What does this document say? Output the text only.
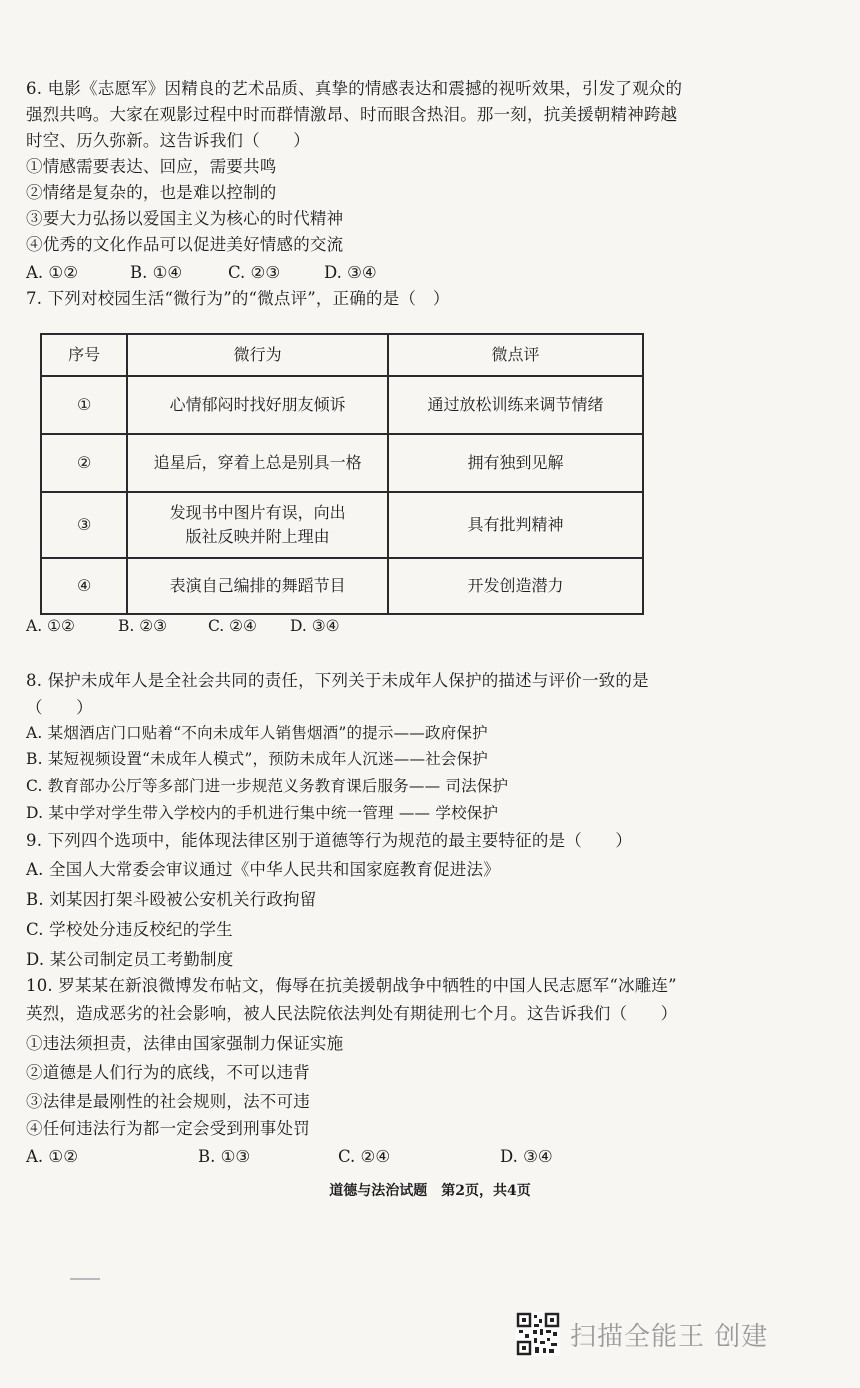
6. 电影《志愿军》因精良的艺术品质、真挚的情感表达和震撼的视听效果，引发了观众的
强烈共鸣。大家在观影过程中时而群情激昂、时而眼含热泪。那一刻，抗美援朝精神跨越
时空、历久弥新。这告诉我们（　　）
①情感需要表达、回应，需要共鸣
②情绪是复杂的，也是难以控制的
③要大力弘扬以爱国主义为核心的时代精神
④优秀的文化作品可以促进美好情感的交流
A. ①②	B. ①④	C. ②③	D. ③④
7. 下列对校园生活“微行为”的“微点评”，正确的是（　）
序号	微行为	微点评
①	心情郁闷时找好朋友倾诉	通过放松训练来调节情绪
②	追星后，穿着上总是别具一格	拥有独到见解
③	发现书中图片有误，向出版社反映并附上理由	具有批判精神
④	表演自己编排的舞蹈节目	开发创造潜力
A. ①②	B. ②③	C. ②④ D. ③④
8. 保护未成年人是全社会共同的责任，下列关于未成年人保护的描述与评价一致的是
（　　）
A. 某烟酒店门口贴着“不向未成年人销售烟酒”的提示——政府保护
B. 某短视频设置“未成年人模式”，预防未成年人沉迷——社会保护
C. 教育部办公厅等多部门进一步规范义务教育课后服务—— 司法保护
D. 某中学对学生带入学校内的手机进行集中统一管理 —— 学校保护
9. 下列四个选项中，能体现法律区别于道德等行为规范的最主要特征的是（　　）
A. 全国人大常委会审议通过《中华人民共和国家庭教育促进法》
B. 刘某因打架斗殴被公安机关行政拘留
C. 学校处分违反校纪的学生
D. 某公司制定员工考勤制度
10. 罗某某在新浪微博发布帖文，侮辱在抗美援朝战争中牺牲的中国人民志愿军“冰雕连”
英烈，造成恶劣的社会影响，被人民法院依法判处有期徒刑七个月。这告诉我们（　　）
①违法须担责，法律由国家强制力保证实施
②道德是人们行为的底线，不可以违背
③法律是最刚性的社会规则，法不可违
④任何违法行为都一定会受到刑事处罚
A. ①②	B. ①③	C. ②④	D. ③④
道德与法治试题　第2页，共4页
扫描全能王 创建
